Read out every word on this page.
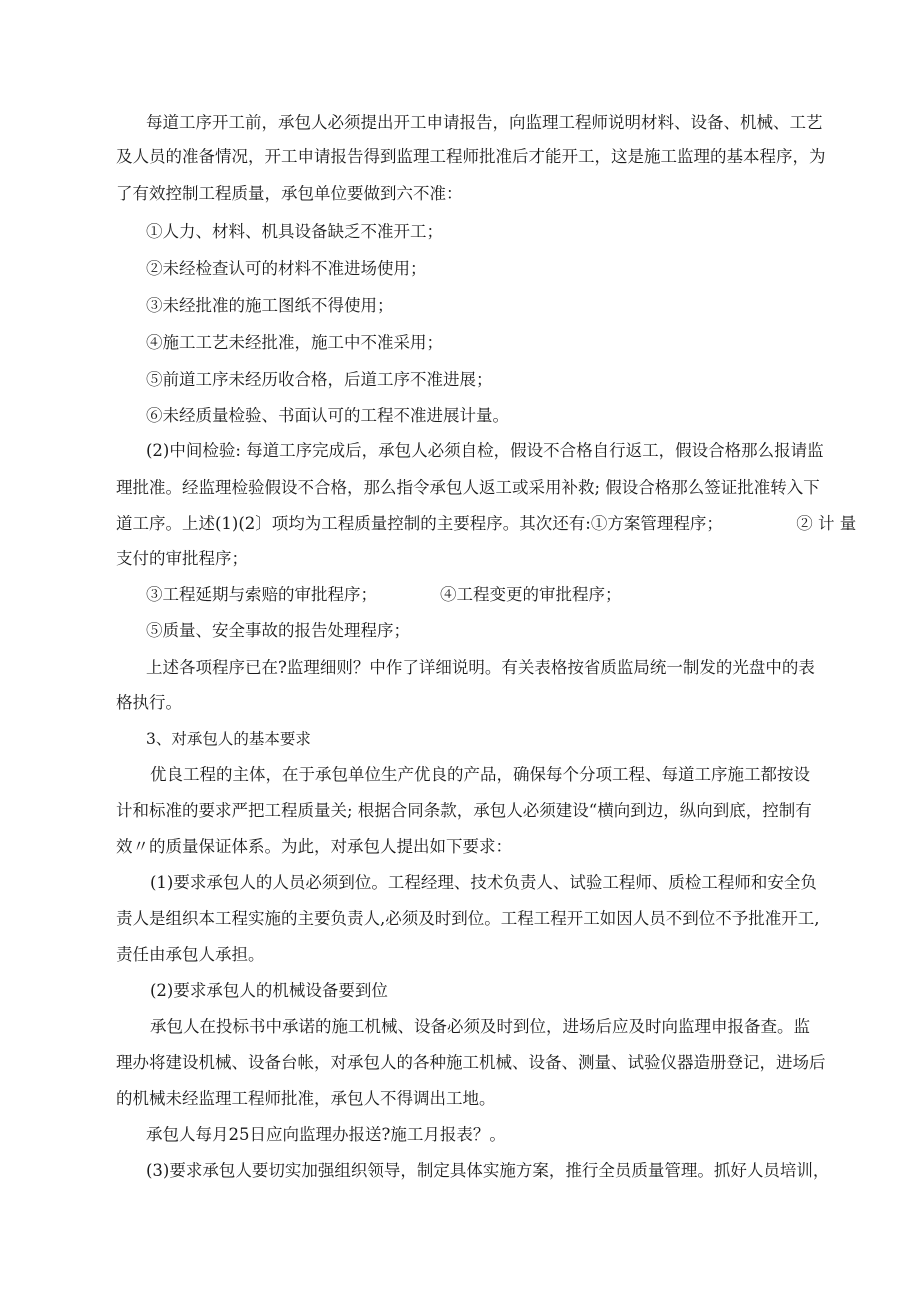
每道工序开工前，承包人必须提出开工申请报告，向监理工程师说明材料、设备、机械、工艺
及人员的准备情况，开工申请报告得到监理工程师批准后才能开工，这是施工监理的基本程序，为
了有效控制工程质量，承包单位要做到六不准：
①人力、材料、机具设备缺乏不准开工；
②未经检查认可的材料不准进场使用；
③未经批准的施工图纸不得使用；
④施工工艺未经批准，施工中不准采用；
⑤前道工序未经历收合格，后道工序不准进展；
⑥未经质量检验、书面认可的工程不准进展计量。
(2)中间检验: 每道工序完成后，承包人必须自检，假设不合格自行返工，假设合格那么报请监
理批准。经监理检验假设不合格，那么指令承包人返工或采用补救; 假设合格那么签证批准转入下
道工序。上述(1)(2〕项均为工程质量控制的主要程序。其次还有:①方案管理程序；              ② 计 量
支付的审批程序；
③工程延期与索赔的审批程序；            ④工程变更的审批程序；
⑤质量、安全事故的报告处理程序；
上述各项程序已在?监理细则？中作了详细说明。有关表格按省质监局统一制发的光盘中的表
格执行。
3、对承包人的基本要求
优良工程的主体，在于承包单位生产优良的产品，确保每个分项工程、每道工序施工都按设
计和标准的要求严把工程质量关; 根据合同条款，承包人必须建设“横向到边，纵向到底，控制有
效〃的质量保证体系。为此，对承包人提出如下要求：
(1)要求承包人的人员必须到位。工程经理、技术负责人、试验工程师、质检工程师和安全负
责人是组织本工程实施的主要负责人,必须及时到位。工程工程开工如因人员不到位不予批准开工,
责任由承包人承担。
(2)要求承包人的机械设备要到位
承包人在投标书中承诺的施工机械、设备必须及时到位，进场后应及时向监理申报备查。监
理办将建设机械、设备台帐，对承包人的各种施工机械、设备、测量、试验仪器造册登记，进场后
的机械未经监理工程师批准，承包人不得调出工地。
承包人每月25日应向监理办报送?施工月报表？。
(3)要求承包人要切实加强组织领导，制定具体实施方案，推行全员质量管理。抓好人员培训，
